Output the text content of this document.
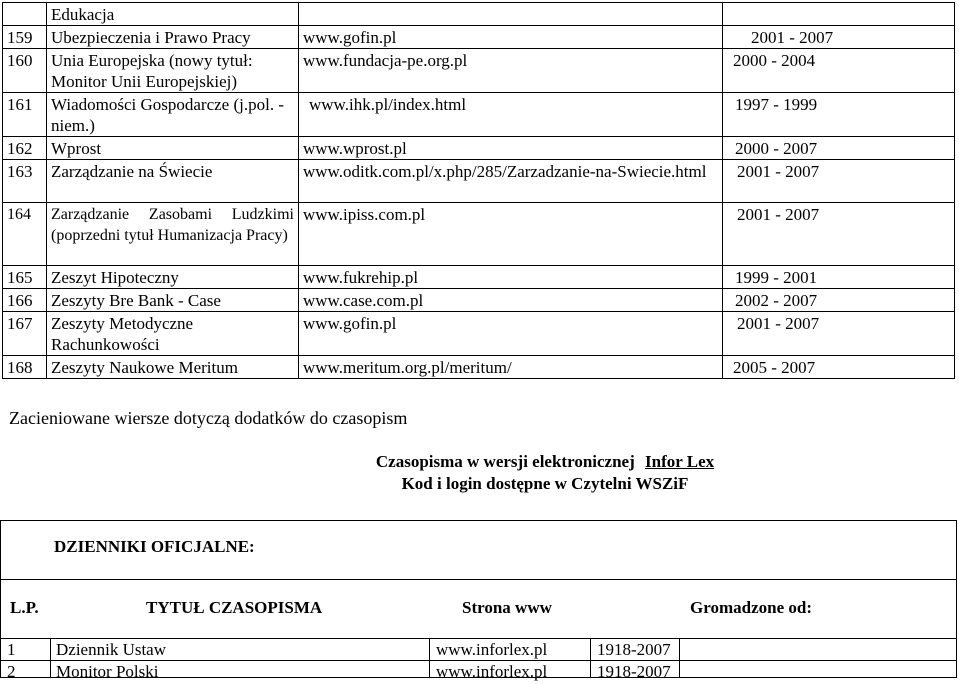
	Edukacja		
159	Ubezpieczenia i Prawo Pracy	www.gofin.pl	2001 - 2007
160	Unia Europejska (nowy tytuł: Monitor Unii Europejskiej)	www.fundacja-pe.org.pl	2000 - 2004
161	Wiadomości Gospodarcze (j.pol. - niem.)	www.ihk.pl/index.html	1997 - 1999
162	Wprost	www.wprost.pl	2000 - 2007
163	Zarządzanie na Świecie	www.oditk.com.pl/x.php/285/Zarzadzanie-na-Swiecie.html	2001 - 2007
164	Zarządzanie Zasobami Ludzkimi (poprzedni tytuł Humanizacja Pracy)	www.ipiss.com.pl	2001 - 2007
165	Zeszyt Hipoteczny	www.fukrehip.pl	1999 - 2001
166	Zeszyty Bre Bank - Case	www.case.com.pl	2002 - 2007
167	Zeszyty Metodyczne Rachunkowości	www.gofin.pl	2001 - 2007
168	Zeszyty Naukowe Meritum	www.meritum.org.pl/meritum/	2005 - 2007

Zacieniowane wiersze dotyczą dodatków do czasopism

Czasopisma w wersji elektronicznej Infor Lex
Kod i login dostępne w Czytelni WSZiF

DZIENNIKI OFICJALNE:

L.P.	TYTUŁ CZASOPISMA	Strona www	Gromadzone od:

1 Dziennik Ustaw	www.inforlex.pl	1918-2007

2 Monitor Polski	www.inforlex.pl	1918-2007
